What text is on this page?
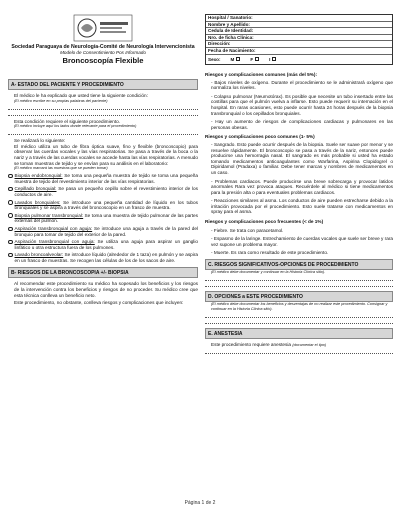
Sociedad Paraguaya de Neurología-Comité de Neurología Intervencionista
Modelo de Consentimiento Pos Informado
Broncoscopía Flexible
Hospital / Sanatorio:
Nombre y Apellido:
Cedula de Identidad:
Nro. de ficha Clínica:
Dirección:
Fecha de Nacimiento:
Sexo: M	F	I
A- ESTADO DEL PACIENTE Y PROCEDIMIENTO
El médico le ha explicado que usted tiene la siguiente condición:
(El médico escribe en su propias palabras del paciente)
Esta condición requiere el siguiente procedimiento.
(El médico incluye aquí los lados donde relevante para el procedimiento)
Se realizará lo siguiente:
El médico utiliza un tubo de fibra óptica suave, fino y flexible (broncoscopio) para observar las cuerdas vocales y las vías respiratorias. Se pasa a través de la boca o la nariz y a través de las cuerdas vocales se accede hasta las vías respiratorias. A menudo se toman muestras de tejido y se envían para su análisis en el laboratorio:
(El médico marcará las muestras que se pueden tomar)
Biopsia endobronquial: Se toma una pequeña muestra de tejido se toma una pequeña muestra de tejido del revestimiento interior de las vías respiratorias.
Cepillado bronquial: Se pasa un pequeño cepillo sobre el revestimiento interior de los conductos de aire.
Lavados bronquiales: Se introduce una pequeña cantidad de líquido en los tubos bronquiales y se aspira a través del broncoscopio en un frasco de muestra.
Biopsia pulmonar transbronquial: Se toma una muestra de tejido pulmonar de las partes externas del pulmón.
Aspiración transbronquial con aguja: Se introduce una aguja a través de la pared del bronquio para tomar de tejido del exterior de la pared.
Aspiración transbronquial con aguja: Se utiliza una aguja para aspirar un ganglio linfático u otra estructura fuera de los pulmones.
Lavado broncoalveolar: Se introduce líquido (alrededor de 1 taza) en pulmón y se aspira en un frasco de muestras. Se recogen las células de los de los sacos de aire.
B- RIESGOS DE LA BRONCOSCOPIA +/- BIOPSIA
Al recomendar este procedimiento su médico ha sopesado los beneficios y los riesgos de la intervención contra los beneficios y riesgos de no proceder. Su médico cree que esta técnica conlleva un beneficio neto.
Este procedimiento, no obstante, conlleva riesgos y complicaciones que incluyen:
Riesgos y complicaciones comunes (más del 5%):
- Bajos niveles de oxígeno. Durante el procedimiento se le administrará oxígeno que normaliza los niveles.
- Colapso pulmonar (Neumotórax). Es posible que necesite un tubo insertado entre las costillas para que el pulmón vuelva a inflarse. Esto puede requerir su internación en el hospital. En raras ocasiones, esto puede ocurrir hasta 24 horas después de la biopsia transbronquial o los cepillados bronquiales.
- Hay un aumento de riesgos de complicaciones cardiacas y pulmonares en las personas obesas.
Riesgos y complicaciones poco comunes (1- 5%)
- Sangrado. Esto puede ocurrir después de la biopsia. Suele ser suave por menor y se resuelve rápidamente. El broncoscopio se pasa a través de la nariz, entonces puede producirse una hemorragia nasal. El sangrado es más probable si usted ha estado tomando medicamentos anticoagulantes como Warfarina, Aspirina Clopidogrel o Dipiridamol (Pradaxa) o familiar. Debe tener marcas y nombres de medicamentos en un caso.
- Problemas cardiacos. Puede producirse una breve sobrecarga y provocar latidos anormales Rara vez provoca ataques. Recuérdele al médico si tiene medicamentos para la presión alta o para eventuales problemas cardiacos.
- Reacciones similares al asma. Los conductos de aire pueden estrecharse debido a la irritación provocada por el procedimiento. Esto suele tratarse con medicamentos en spray para el asma.
Riesgos y complicaciones poco frecuentes (< de 1%)
- Fiebre. Se trata con paracetamol.
- Espasmo de la laringe. Estrechamiento de cuerdas vocales que suele ser breve y rara vez supone un problema mayor.
- Muerte. Es rara como resultado de este procedimiento.
C. RIESGOS SIGNIFICATIVOS-OPCIONES DE PROCEDIMIENTO
(El médico debe documentar y continuar en la Historia Clínica sitio).
D. OPCIONES a ESTE PROCEDIMIENTO
(El médico debe documentar los beneficios y desventajas de no realizar este procedimiento. Consignar y continuar en la Historia Clínica sitio).
E. ANESTESIA
Este procedimiento requiere anestesia (documentar el tipo)
Página 1 de 2
